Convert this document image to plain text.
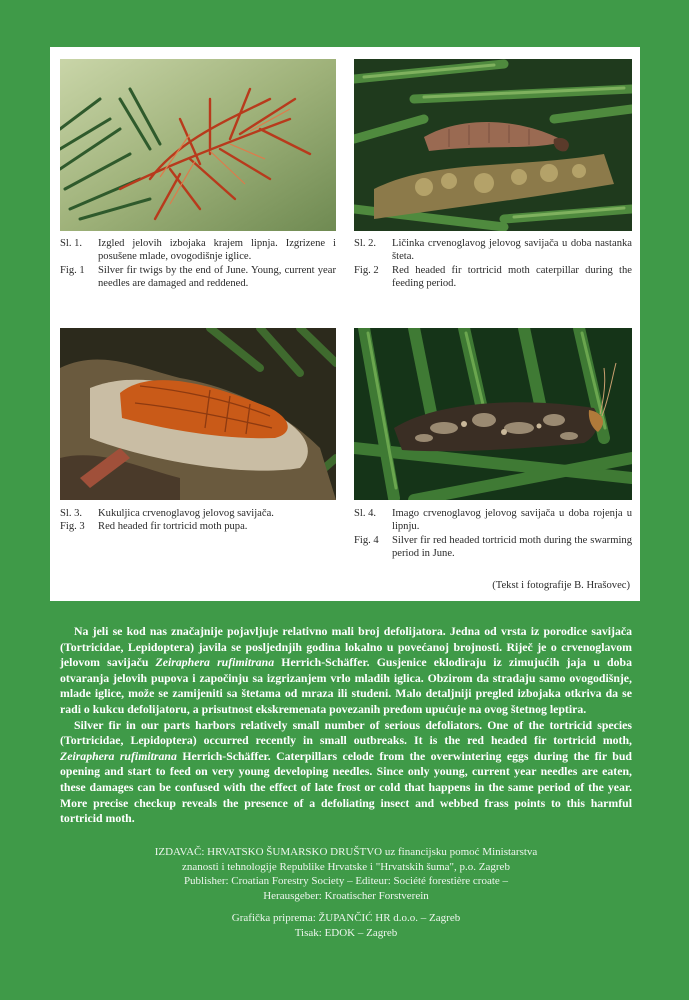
Sl. 1.	Izgled jelovih izbojaka krajem lipnja. Izgrizene i posušene mlade, ovogodišnje iglice.
Fig. 1	Silver fir twigs by the end of June. Young, current year needles are damaged and reddened.
Sl. 2.	Ličinka crvenoglavog jelovog savijača u doba nastanka šteta.
Fig. 2	Red headed fir tortricid moth caterpillar during the feeding period.
Sl. 3.	Kukuljica crvenoglavog jelovog savijača.
Fig. 3	Red headed fir tortricid moth pupa.
Sl. 4.	Imago crvenoglavog jelovog savijača u doba rojenja u lipnju.
Fig. 4	Silver fir red headed tortricid moth during the swarming period in June.
(Tekst i fotografije B. Hrašovec)

Na jeli se kod nas značajnije pojavljuje relativno mali broj defolijatora. Jedna od vrsta iz porodice savijača (Tortricidae, Lepidoptera) javila se posljednjih godina lokalno u povećanoj brojnosti. Riječ je o crvenoglavom jelovom savijaču Zeiraphera rufimitrana Herrich-Schäffer. Gusjenice eklodiraju iz zimujućih jaja u doba otvaranja jelovih pupova i započinju sa izgrizanjem vrlo mladih iglica. Obzirom da stradaju samo ovogodišnje, mlade iglice, može se zamijeniti sa štetama od mraza ili studeni. Malo detaljniji pregled izbojaka otkriva da se radi o kukcu defolijatoru, a prisutnost ekskremenata povezanih pređom upućuje na ovog štetnog leptira.

Silver fir in our parts harbors relatively small number of serious defoliators. One of the tortricid species (Tortricidae, Lepidoptera) occurred recently in small outbreaks. It is the red headed fir tortricid moth, Zeiraphera rufimitrana Herrich-Schäffer. Caterpillars celode from the overwintering eggs during the fir bud opening and start to feed on very young developing needles. Since only young, current year needles are eaten, these damages can be confused with the effect of late frost or cold that happens in the same period of the year. More precise checkup reveals the presence of a defoliating insect and webbed frass points to this harmful tortricid moth.

IZDAVAČ: HRVATSKO ŠUMARSKO DRUŠTVO uz financijsku pomoć Ministarstva
znanosti i tehnologije Republike Hrvatske i "Hrvatskih šuma", p.o. Zagreb
Publisher: Croatian Forestry Society – Editeur: Société forestière croate –
Herausgeber: Kroatischer Forstverein
Grafička priprema: ŽUPANČIĆ HR d.o.o. – Zagreb
Tisak: EDOK – Zagreb
